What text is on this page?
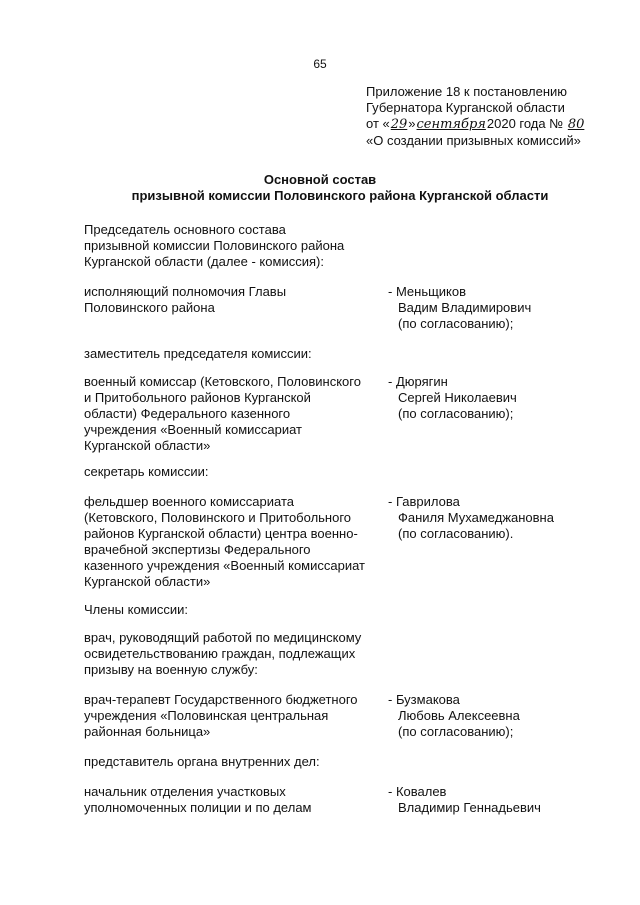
65
Приложение 18 к постановлению
Губернатора Курганской области
от «29»сентября2020 года № 80
«О создании призывных комиссий»
Основной состав
призывной комиссии Половинского района Курганской области
Председатель основного состава
призывной комиссии Половинского района
Курганской области (далее - комиссия):
исполняющий полномочия Главы
Половинского района
- Меньщиков
Вадим Владимирович
(по согласованию);
заместитель председателя комиссии:
военный комиссар (Кетовского, Половинского
и Притобольного районов Курганской
области) Федерального казенного
учреждения «Военный комиссариат
Курганской области»
- Дюрягин
Сергей Николаевич
(по согласованию);
секретарь комиссии:
фельдшер военного комиссариата
(Кетовского, Половинского и Притобольного
районов Курганской области) центра военно-
врачебной экспертизы Федерального
казенного учреждения «Военный комиссариат
Курганской области»
- Гаврилова
Фаниля Мухамеджановна
(по согласованию).
Члены комиссии:
врач, руководящий работой по медицинскому
освидетельствованию граждан, подлежащих
призыву на военную службу:
врач-терапевт Государственного бюджетного
учреждения «Половинская центральная
районная больница»
- Бузмакова
Любовь Алексеевна
(по согласованию);
представитель органа внутренних дел:
начальник отделения участковых
уполномоченных полиции и по делам
- Ковалев
Владимир Геннадьевич
